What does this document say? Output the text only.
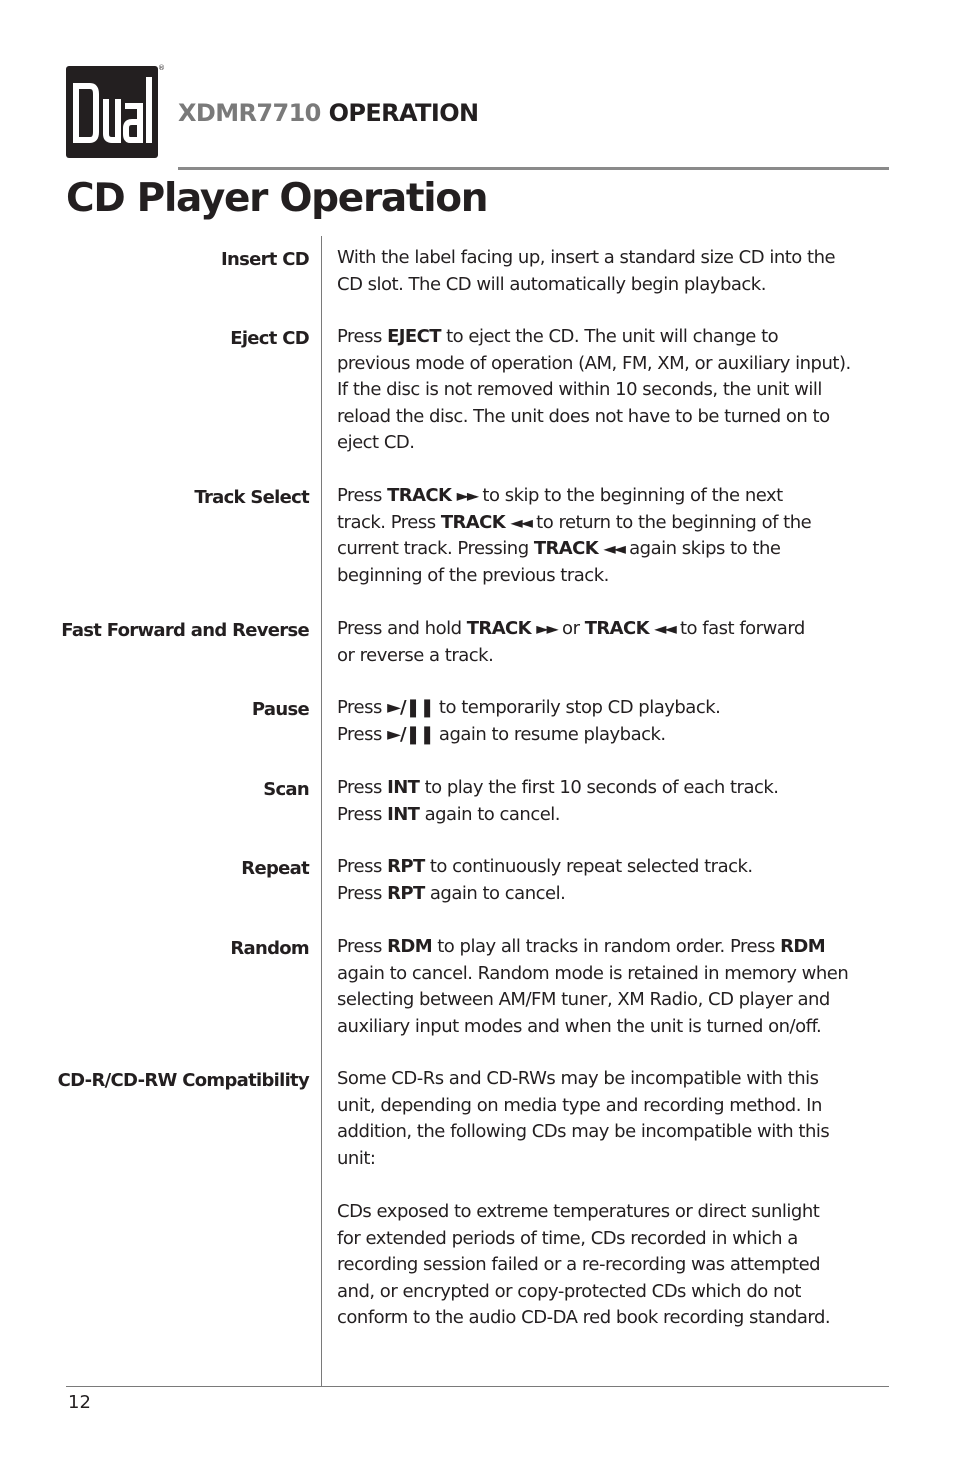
®
XDMR7710 OPERATION
CD Player Operation
Insert CD With the label facing up, insert a standard size CD into the
CD slot. The CD will automatically begin playback.
Eject CD Press EJECT to eject the CD. The unit will change to
previous mode of operation (AM, FM, XM, or auxiliary input).
If the disc is not removed within 10 seconds, the unit will
reload the disc. The unit does not have to be turned on to
eject CD.
Track Select Press TRACK ►► to skip to the beginning of the next
track. Press TRACK ◄◄ to return to the beginning of the
current track. Pressing TRACK ◄◄ again skips to the
beginning of the previous track.
Fast Forward and Reverse Press and hold TRACK ►► or TRACK ◄◄ to fast forward
or reverse a track.
Pause Press ►/❚❚ to temporarily stop CD playback.
Press ►/❚❚ again to resume playback.
Scan Press INT to play the first 10 seconds of each track.
Press INT again to cancel.
Repeat Press RPT to continuously repeat selected track.
Press RPT again to cancel.
Random Press RDM to play all tracks in random order. Press RDM
again to cancel. Random mode is retained in memory when
selecting between AM/FM tuner, XM Radio, CD player and
auxiliary input modes and when the unit is turned on/off.
CD-R/CD-RW Compatibility Some CD-Rs and CD-RWs may be incompatible with this
unit, depending on media type and recording method. In
addition, the following CDs may be incompatible with this
unit:
CDs exposed to extreme temperatures or direct sunlight
for extended periods of time, CDs recorded in which a
recording session failed or a re-recording was attempted
and, or encrypted or copy-protected CDs which do not
conform to the audio CD-DA red book recording standard.
12
